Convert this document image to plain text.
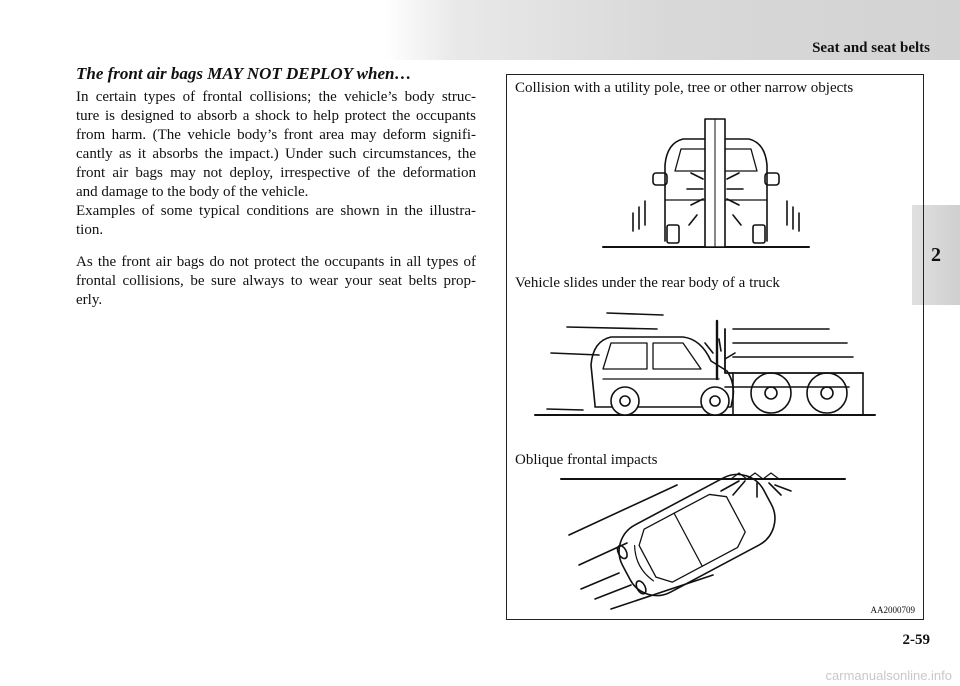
Seat and seat belts
2
The front air bags MAY NOT DEPLOY when…
In certain types of frontal collisions; the vehicle’s body struc-
ture is designed to absorb a shock to help protect the occupants
from harm. (The vehicle body’s front area may deform signifi-
cantly as it absorbs the impact.) Under such circumstances, the
front air bags may not deploy, irrespective of the deformation
and damage to the body of the vehicle.
Examples of some typical conditions are shown in the illustra-
tion.
As the front air bags do not protect the occupants in all types of
frontal collisions, be sure always to wear your seat belts prop-
erly.
Collision with a utility pole, tree or other narrow objects
Vehicle slides under the rear body of a truck
Oblique frontal impacts
AA2000709
2-59
carmanualsonline.info
